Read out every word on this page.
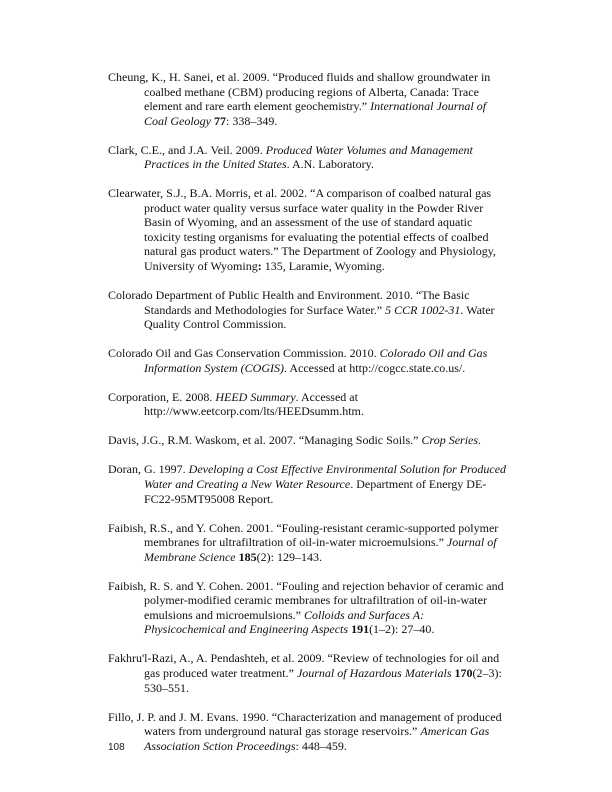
Cheung, K., H. Sanei, et al. 2009. “Produced fluids and shallow groundwater in coalbed methane (CBM) producing regions of Alberta, Canada: Trace element and rare earth element geochemistry.” International Journal of Coal Geology 77: 338–349.

Clark, C.E., and J.A. Veil. 2009. Produced Water Volumes and Management Practices in the United States. A.N. Laboratory.

Clearwater, S.J., B.A. Morris, et al. 2002. “A comparison of coalbed natural gas product water quality versus surface water quality in the Powder River Basin of Wyoming, and an assessment of the use of standard aquatic toxicity testing organisms for evaluating the potential effects of coalbed natural gas product waters.” The Department of Zoology and Physiology, University of Wyoming: 135, Laramie, Wyoming.

Colorado Department of Public Health and Environment. 2010. “The Basic Standards and Methodologies for Surface Water.” 5 CCR 1002-31. Water Quality Control Commission.

Colorado Oil and Gas Conservation Commission. 2010. Colorado Oil and Gas Information System (COGIS). Accessed at http://cogcc.state.co.us/.

Corporation, E. 2008. HEED Summary. Accessed at http://www.eetcorp.com/lts/HEEDsumm.htm.

Davis, J.G., R.M. Waskom, et al. 2007. “Managing Sodic Soils.” Crop Series.

Doran, G. 1997. Developing a Cost Effective Environmental Solution for Produced Water and Creating a New Water Resource. Department of Energy DE-FC22-95MT95008 Report.

Faibish, R.S., and Y. Cohen. 2001. “Fouling-resistant ceramic-supported polymer membranes for ultrafiltration of oil-in-water microemulsions.” Journal of Membrane Science 185(2): 129–143.

Faibish, R. S. and Y. Cohen. 2001. “Fouling and rejection behavior of ceramic and polymer-modified ceramic membranes for ultrafiltration of oil-in-water emulsions and microemulsions.” Colloids and Surfaces A: Physicochemical and Engineering Aspects 191(1–2): 27–40.

Fakhru'l-Razi, A., A. Pendashteh, et al. 2009. “Review of technologies for oil and gas produced water treatment.” Journal of Hazardous Materials 170(2–3): 530–551.

Fillo, J. P. and J. M. Evans. 1990. “Characterization and management of produced waters from underground natural gas storage reservoirs.” American Gas Association Sction Proceedings: 448–459.

108
